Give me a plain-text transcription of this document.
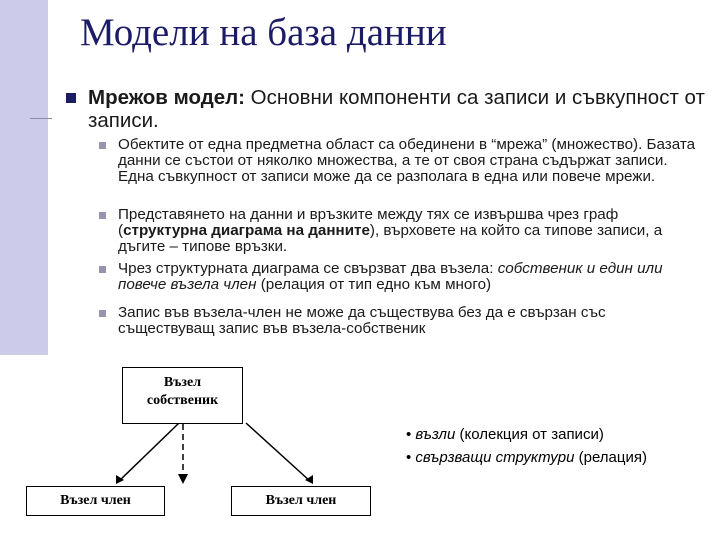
Модели на база данни
Мрежов модел: Основни компоненти са записи и съвкупност от записи.
Обектите от една предметна област са обединени в “мрежа” (множество). Базата данни се състои от няколко множества, а те от своя страна съдържат записи. Една съвкупност от записи може да се разполага в една или повече мрежи.
Представянето на данни и връзките между тях се извършва чрез граф (структурна диаграма на данните), върховете на който са типове записи, а дъгите – типове връзки.
Чрез структурната диаграма се свързват два възела: собственик и един или повече възела член (релация от тип едно към много)
Запис във възела-член не може да съществува без да е свързан със съществуващ запис във възела-собственик
Възел
собственик
Възел член	Възел член
• възли (колекция от записи)
• свързващи структури (релация)
